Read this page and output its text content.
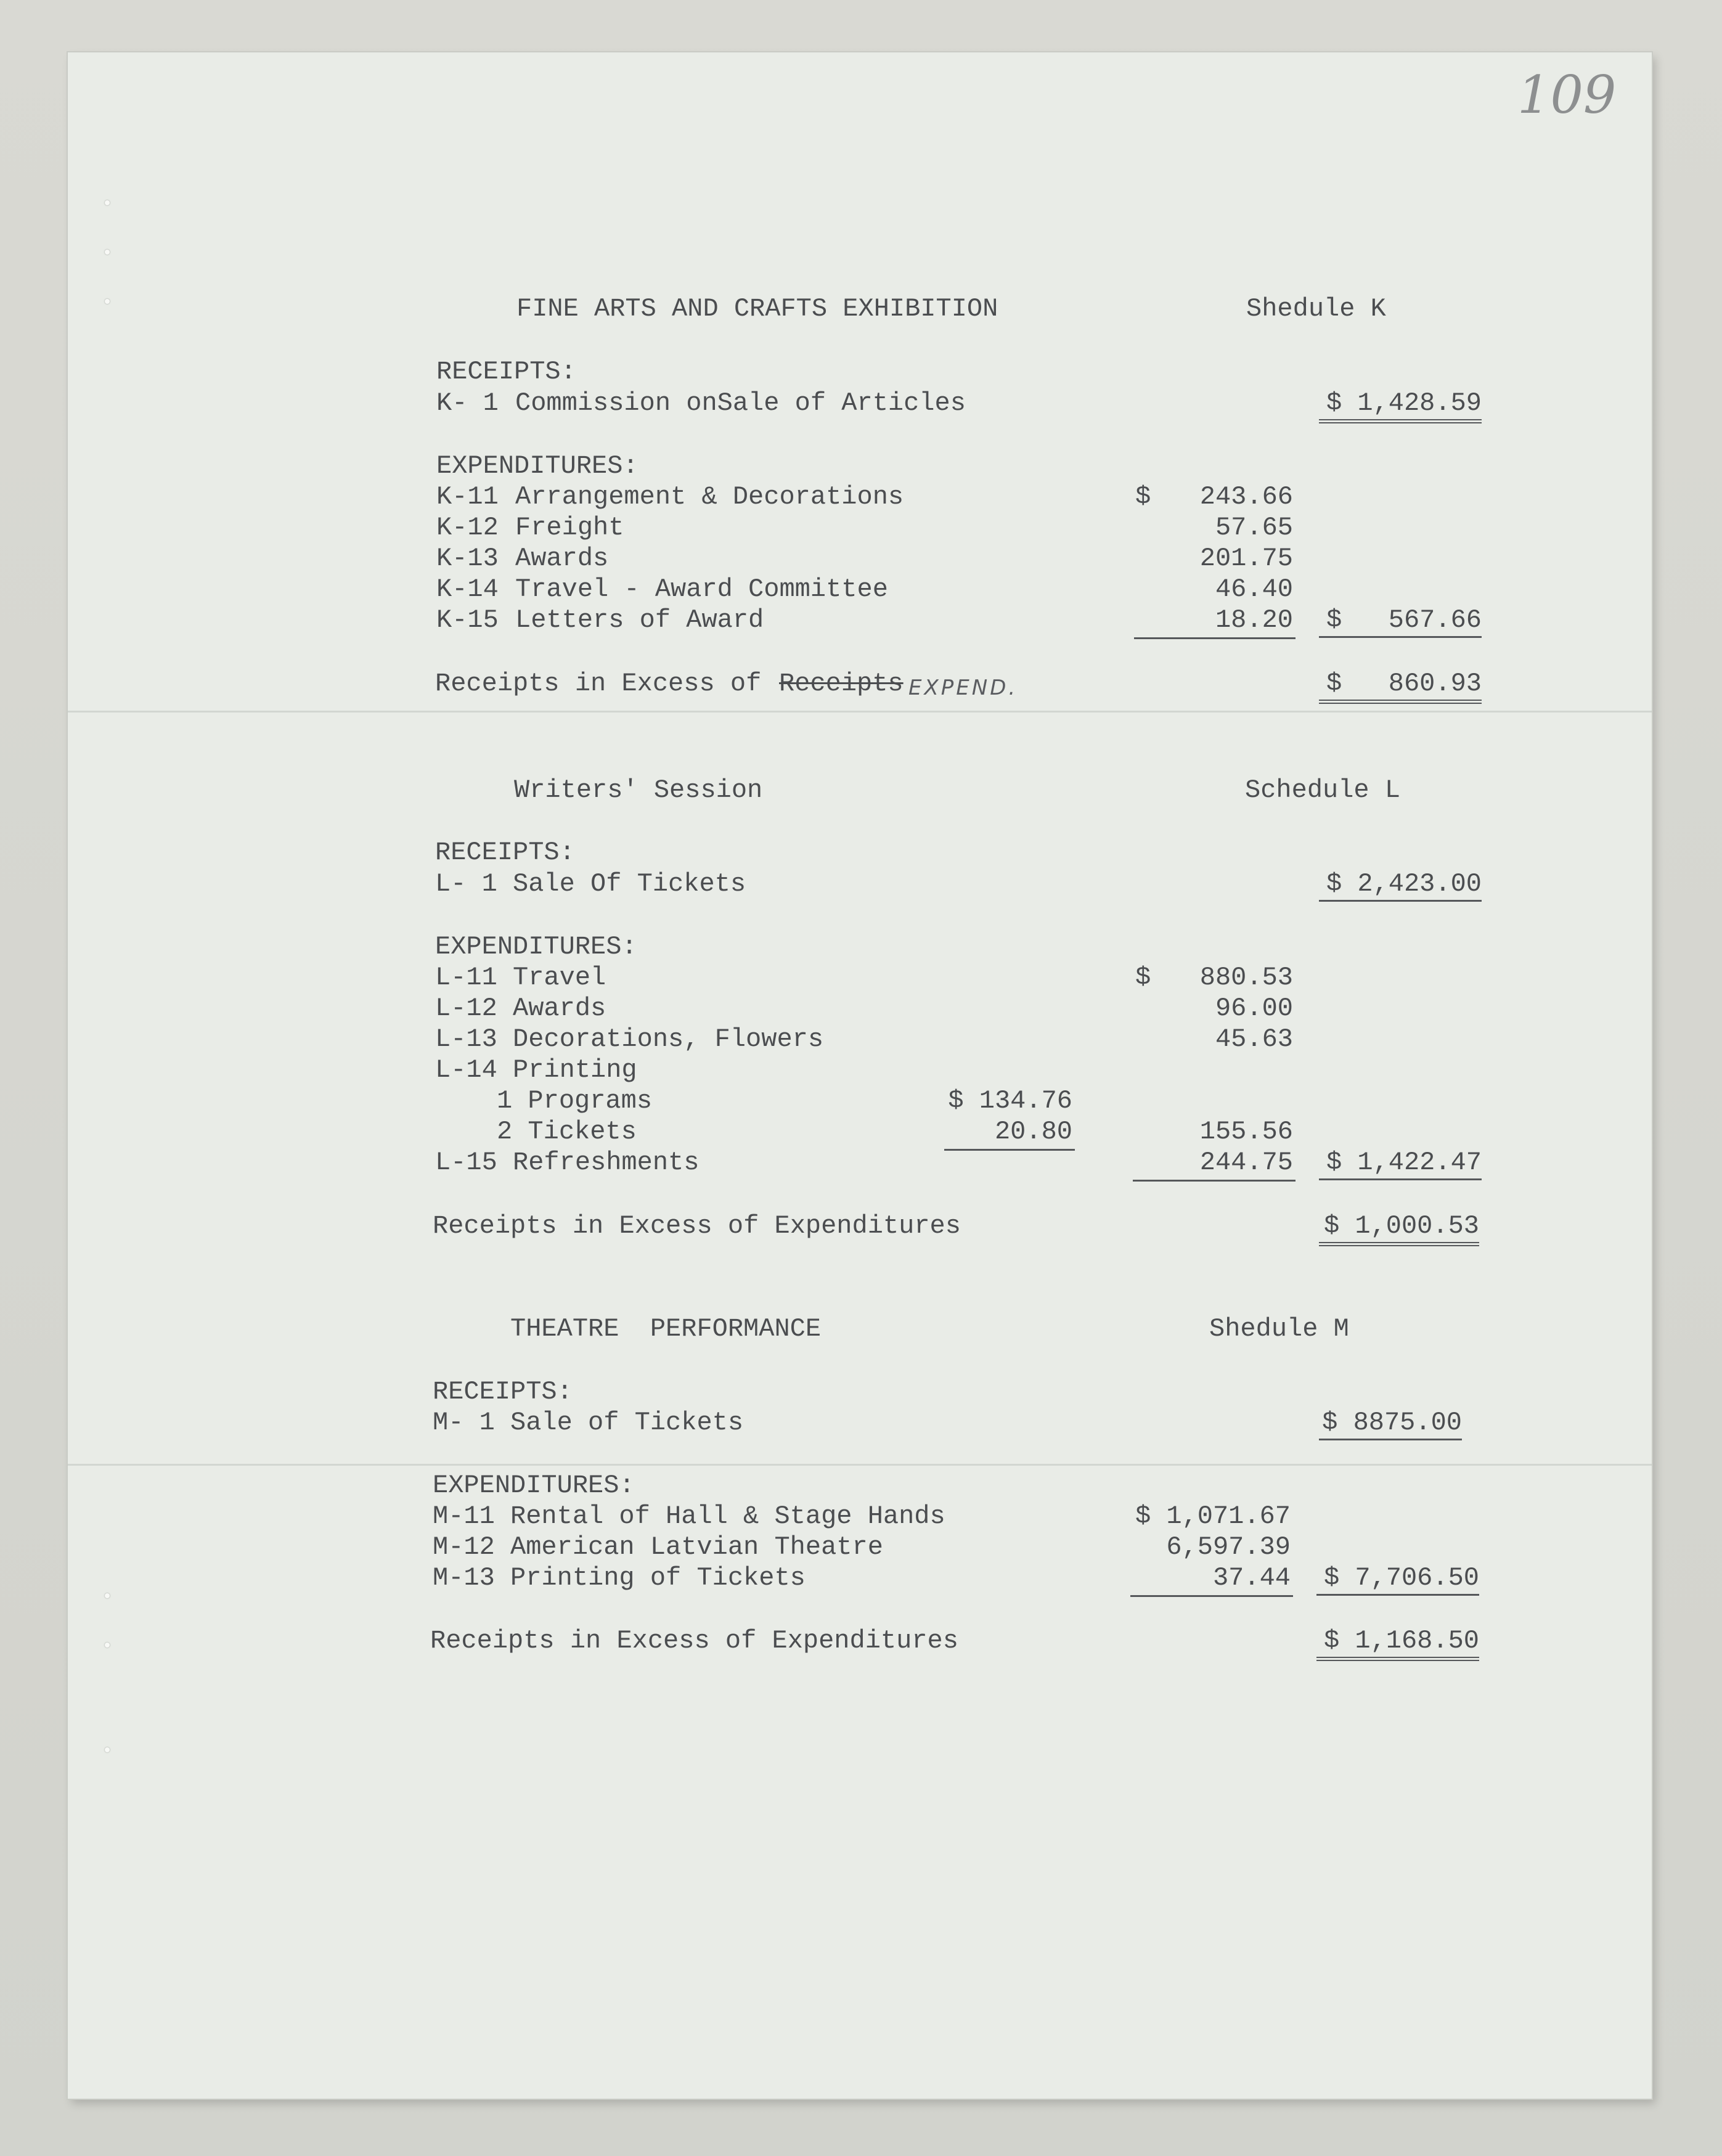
109
FINE ARTS AND CRAFTS EXHIBITION	Shedule K
RECEIPTS:
K- 1 Commission onSale of Articles	$ 1,428.59
EXPENDITURES:
K-11 Arrangement & Decorations	$	243.66
K-12 Freight	57.65
K-13 Awards	201.75
K-14 Travel - Award Committee	46.40
K-15 Letters of Award	18.20 $   567.66
Receipts in Excess of Receipts EXPEND.	$   860.93
Writers' Session	Schedule L
RECEIPTS:
L- 1 Sale Of Tickets	$ 2,423.00
EXPENDITURES:
L-11 Travel	$	880.53
L-12 Awards	96.00
L-13 Decorations, Flowers	45.63
L-14 Printing
1 Programs	$ 134.76
2 Tickets	20.80	155.56
L-15 Refreshments	244.75 $ 1,422.47
Receipts in Excess of Expenditures	$ 1,000.53
THEATRE  PERFORMANCE	Shedule M
RECEIPTS:
M- 1 Sale of Tickets	$ 8875.00
EXPENDITURES:
M-11 Rental of Hall & Stage Hands	$ 1,071.67
M-12 American Latvian Theatre	6,597.39
M-13 Printing of Tickets	37.44 $ 7,706.50
Receipts in Excess of Expenditures	$ 1,168.50
